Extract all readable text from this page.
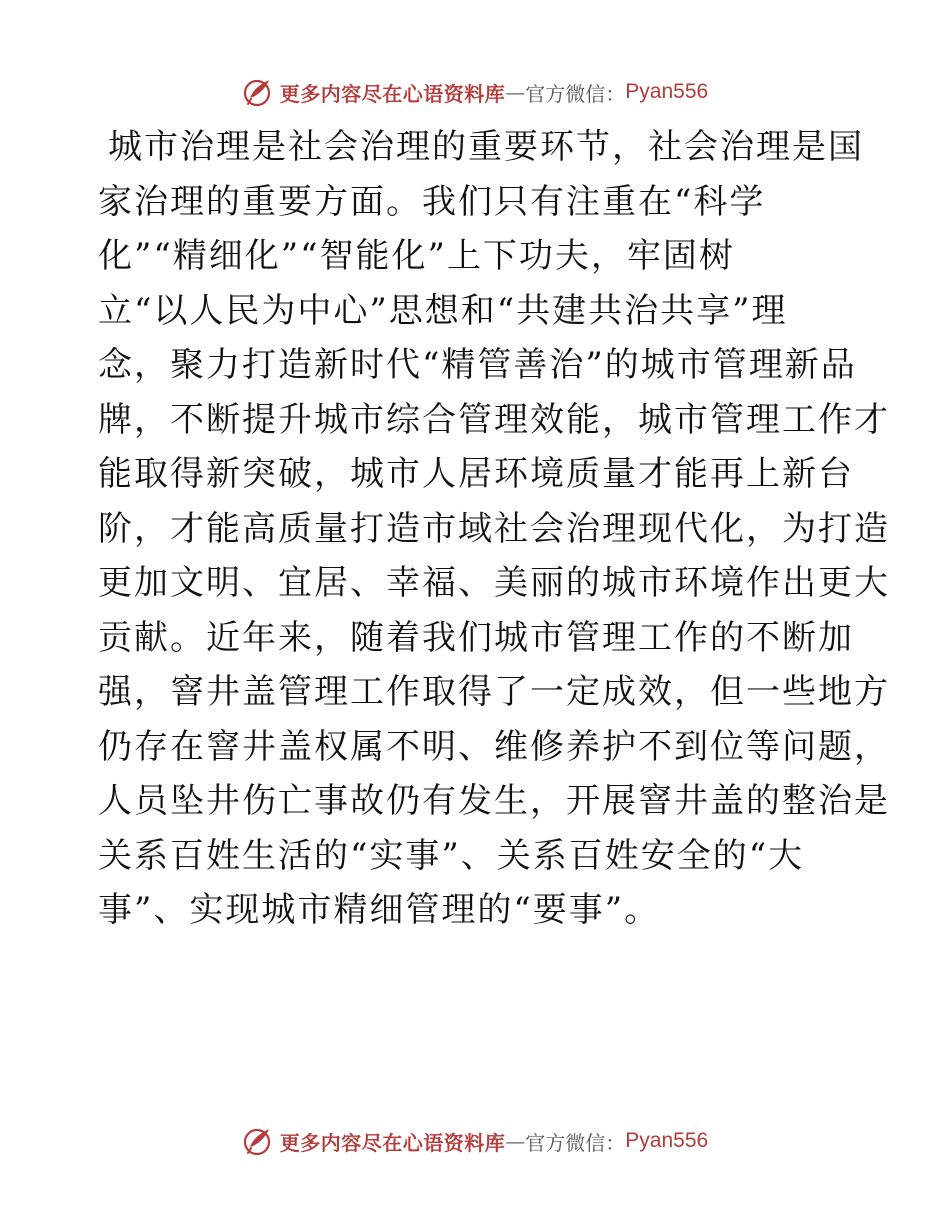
更多内容尽在心语资料库 — 官方微信： Pyan556
城市治理是社会治理的重要环节，社会治理是国
家治理的重要方面。我们只有注重在“科学
化”“精细化”“智能化”上下功夫，牢固树
立“以人民为中心”思想和“共建共治共享”理
念，聚力打造新时代“精管善治”的城市管理新品
牌，不断提升城市综合管理效能，城市管理工作才
能取得新突破，城市人居环境质量才能再上新台
阶，才能高质量打造市域社会治理现代化，为打造
更加文明、宜居、幸福、美丽的城市环境作出更大
贡献。近年来，随着我们城市管理工作的不断加
强，窨井盖管理工作取得了一定成效，但一些地方
仍存在窨井盖权属不明、维修养护不到位等问题，
人员坠井伤亡事故仍有发生，开展窨井盖的整治是
关系百姓生活的“实事”、关系百姓安全的“大
事”、实现城市精细管理的“要事”。
更多内容尽在心语资料库 — 官方微信： Pyan556
